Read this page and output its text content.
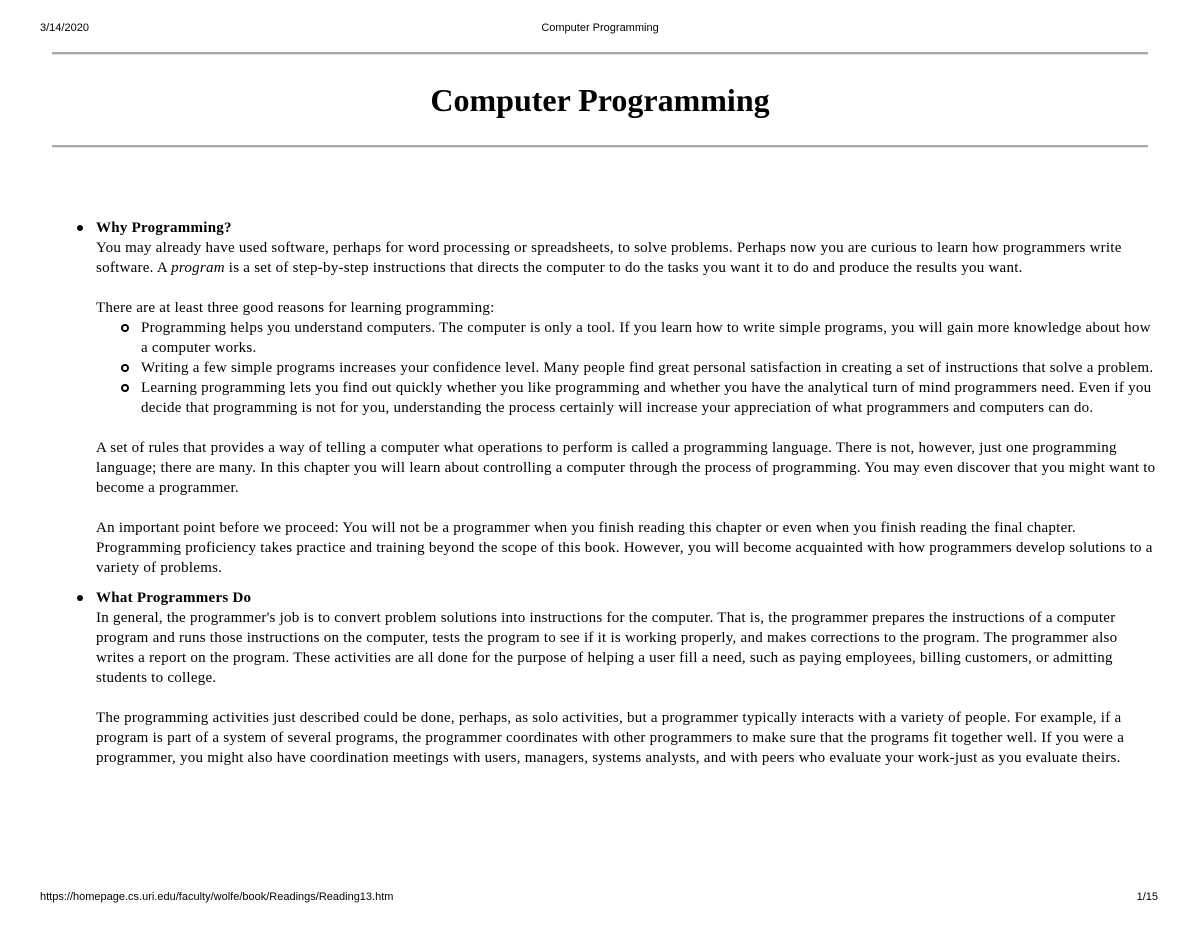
3/14/2020	Computer Programming
Computer Programming
Why Programming?

You may already have used software, perhaps for word processing or spreadsheets, to solve problems. Perhaps now you are curious to learn how programmers write software. A program is a set of step-by-step instructions that directs the computer to do the tasks you want it to do and produce the results you want.

There are at least three good reasons for learning programming:

Programming helps you understand computers. The computer is only a tool. If you learn how to write simple programs, you will gain more knowledge about how a computer works.
Writing a few simple programs increases your confidence level. Many people find great personal satisfaction in creating a set of instructions that solve a problem.
Learning programming lets you find out quickly whether you like programming and whether you have the analytical turn of mind programmers need. Even if you decide that programming is not for you, understanding the process certainly will increase your appreciation of what programmers and computers can do.

A set of rules that provides a way of telling a computer what operations to perform is called a programming language. There is not, however, just one programming language; there are many. In this chapter you will learn about controlling a computer through the process of programming. You may even discover that you might want to become a programmer.

An important point before we proceed: You will not be a programmer when you finish reading this chapter or even when you finish reading the final chapter. Programming proficiency takes practice and training beyond the scope of this book. However, you will become acquainted with how programmers develop solutions to a variety of problems.

What Programmers Do

In general, the programmer's job is to convert problem solutions into instructions for the computer. That is, the programmer prepares the instructions of a computer program and runs those instructions on the computer, tests the program to see if it is working properly, and makes corrections to the program. The programmer also writes a report on the program. These activities are all done for the purpose of helping a user fill a need, such as paying employees, billing customers, or admitting students to college.

The programming activities just described could be done, perhaps, as solo activities, but a programmer typically interacts with a variety of people. For example, if a program is part of a system of several programs, the programmer coordinates with other programmers to make sure that the programs fit together well. If you were a programmer, you might also have coordination meetings with users, managers, systems analysts, and with peers who evaluate your work-just as you evaluate theirs.

https://homepage.cs.uri.edu/faculty/wolfe/book/Readings/Reading13.htm	1/15
